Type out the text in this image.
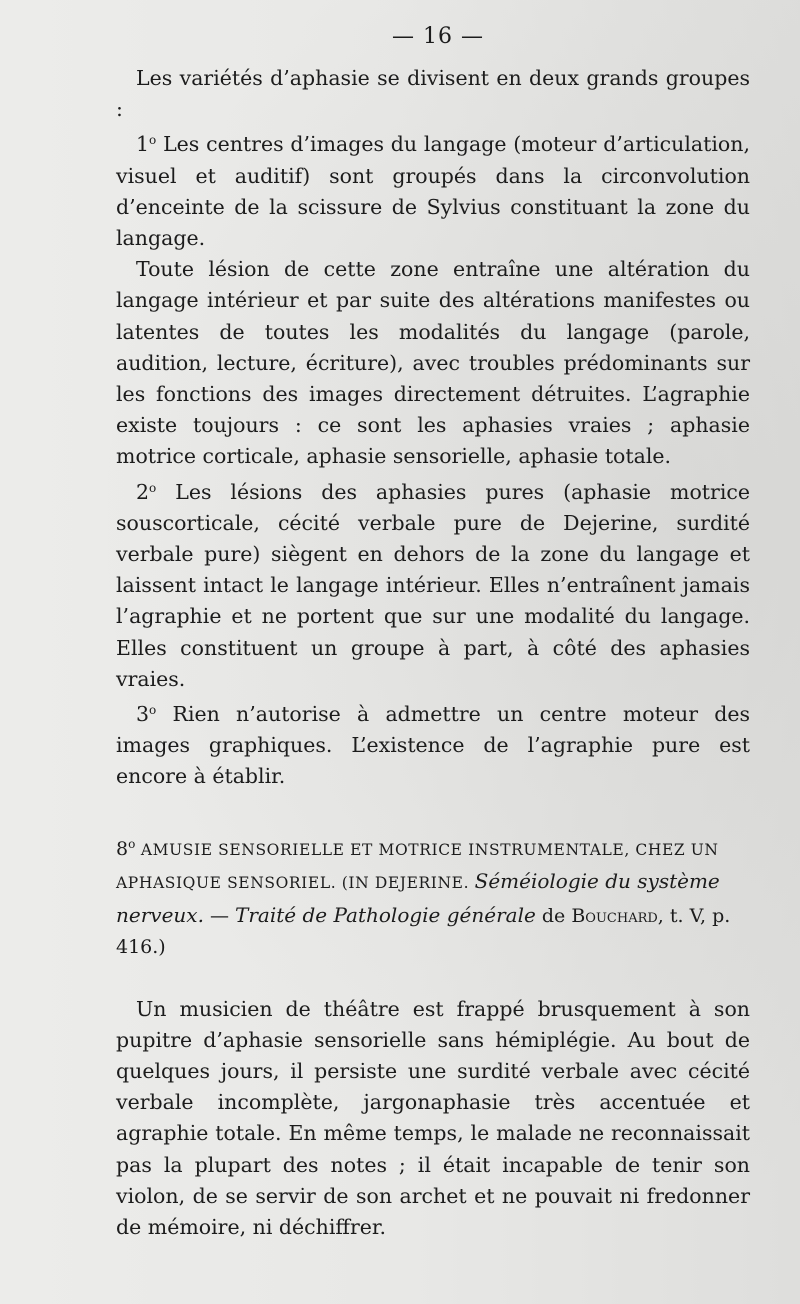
— 16 —

Les variétés d’aphasie se divisent en deux grands groupes :

1$^o$ Les centres d’images du langage (moteur d’articulation, visuel et auditif) sont groupés dans la circonvolution d’enceinte de la scissure de Sylvius constituant la zone du langage.

Toute lésion de cette zone entraîne une altération du langage intérieur et par suite des altérations manifestes ou latentes de toutes les modalités du langage (parole, audition, lecture, écriture), avec troubles prédominants sur les fonctions des images directement détruites. L’agraphie existe toujours : ce sont les aphasies vraies ; aphasie motrice corticale, aphasie sensorielle, aphasie totale.

2$^o$ Les lésions des aphasies pures (aphasie motrice souscorticale, cécité verbale pure de Dejerine, surdité verbale pure) siègent en dehors de la zone du langage et laissent intact le langage intérieur. Elles n’entraînent jamais l’agraphie et ne portent que sur une modalité du langage. Elles constituent un groupe à part, à côté des aphasies vraies.

3$^o$ Rien n’autorise à admettre un centre moteur des images graphiques. L’existence de l’agraphie pure est encore à établir.

8$^o$ AMUSIE SENSORIELLE ET MOTRICE INSTRUMENTALE, CHEZ UN APHASIQUE SENSORIEL. (IN DEJERINE. Séméiologie du système nerveux. — Traité de Pathologie générale de Bouchard, t. V, p. 416.)

Un musicien de théâtre est frappé brusquement à son pupitre d’aphasie sensorielle sans hémiplégie. Au bout de quelques jours, il persiste une surdité verbale avec cécité verbale incomplète, jargonaphasie très accentuée et agraphie totale. En même temps, le malade ne reconnaissait pas la plupart des notes ; il était incapable de tenir son violon, de se servir de son archet et ne pouvait ni fredonner de mémoire, ni déchiffrer.
